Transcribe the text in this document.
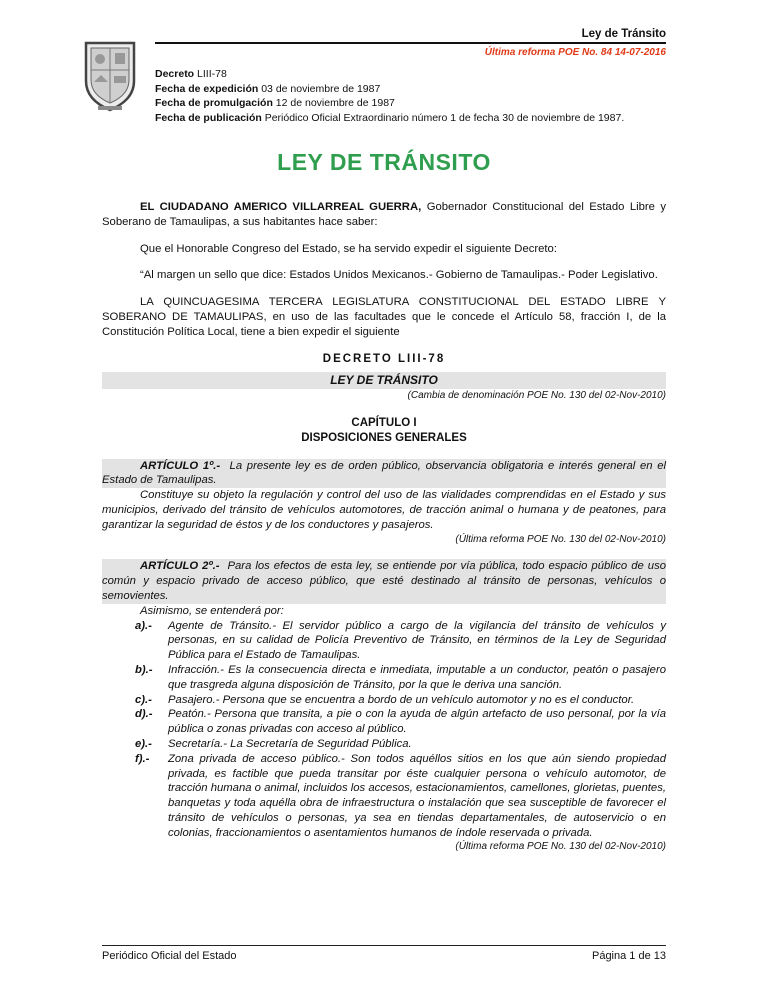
Ley de Tránsito
Última reforma POE No. 84 14-07-2016
Decreto LIII-78
Fecha de expedición 03 de noviembre de 1987
Fecha de promulgación 12 de noviembre de 1987
Fecha de publicación Periódico Oficial Extraordinario número 1 de fecha 30 de noviembre de 1987.
LEY DE TRÁNSITO

EL CIUDADANO AMERICO VILLARREAL GUERRA, Gobernador Constitucional del Estado Libre y Soberano de Tamaulipas, a sus habitantes hace saber:

Que el Honorable Congreso del Estado, se ha servido expedir el siguiente Decreto:

“Al margen un sello que dice: Estados Unidos Mexicanos.- Gobierno de Tamaulipas.- Poder Legislativo.

LA QUINCUAGESIMA TERCERA LEGISLATURA CONSTITUCIONAL DEL ESTADO LIBRE Y SOBERANO DE TAMAULIPAS, en uso de las facultades que le concede el Artículo 58, fracción I, de la Constitución Política Local, tiene a bien expedir el siguiente

DECRETO LIII-78
LEY DE TRÁNSITO
(Cambia de denominación POE No. 130 del 02-Nov-2010)
CAPÍTULO I
DISPOSICIONES GENERALES

ARTÍCULO 1º.- La presente ley es de orden público, observancia obligatoria e interés general en el Estado de Tamaulipas.

Constituye su objeto la regulación y control del uso de las vialidades comprendidas en el Estado y sus municipios, derivado del tránsito de vehículos automotores, de tracción animal o humana y de peatones, para garantizar la seguridad de éstos y de los conductores y pasajeros.

(Última reforma POE No. 130 del 02-Nov-2010)

ARTÍCULO 2º.- Para los efectos de esta ley, se entiende por vía pública, todo espacio público de uso común y espacio privado de acceso público, que esté destinado al tránsito de personas, vehículos o semovientes.

Asimismo, se entenderá por:

a).-	Agente de Tránsito.- El servidor público a cargo de la vigilancia del tránsito de vehículos y personas, en su calidad de Policía Preventivo de Tránsito, en términos de la Ley de Seguridad Pública para el Estado de Tamaulipas.
b).-	Infracción.- Es la consecuencia directa e inmediata, imputable a un conductor, peatón o pasajero que trasgreda alguna disposición de Tránsito, por la que le deriva una sanción.
c).-	Pasajero.- Persona que se encuentra a bordo de un vehículo automotor y no es el conductor.
d).-	Peatón.- Persona que transita, a pie o con la ayuda de algún artefacto de uso personal, por la vía pública o zonas privadas con acceso al público.
e).-	Secretaría.- La Secretaría de Seguridad Pública.
f).-	Zona privada de acceso público.- Son todos aquéllos sitios en los que aún siendo propiedad privada, es factible que pueda transitar por éste cualquier persona o vehículo automotor, de tracción humana o animal, incluidos los accesos, estacionamientos, camellones, glorietas, puentes, banquetas y toda aquélla obra de infraestructura o instalación que sea susceptible de favorecer el tránsito de vehículos o personas, ya sea en tiendas departamentales, de autoservicio o en colonias, fraccionamientos o asentamientos humanos de índole reservada o privada.
(Última reforma POE No. 130 del 02-Nov-2010)
Periódico Oficial del Estado	Página 1 de 13
